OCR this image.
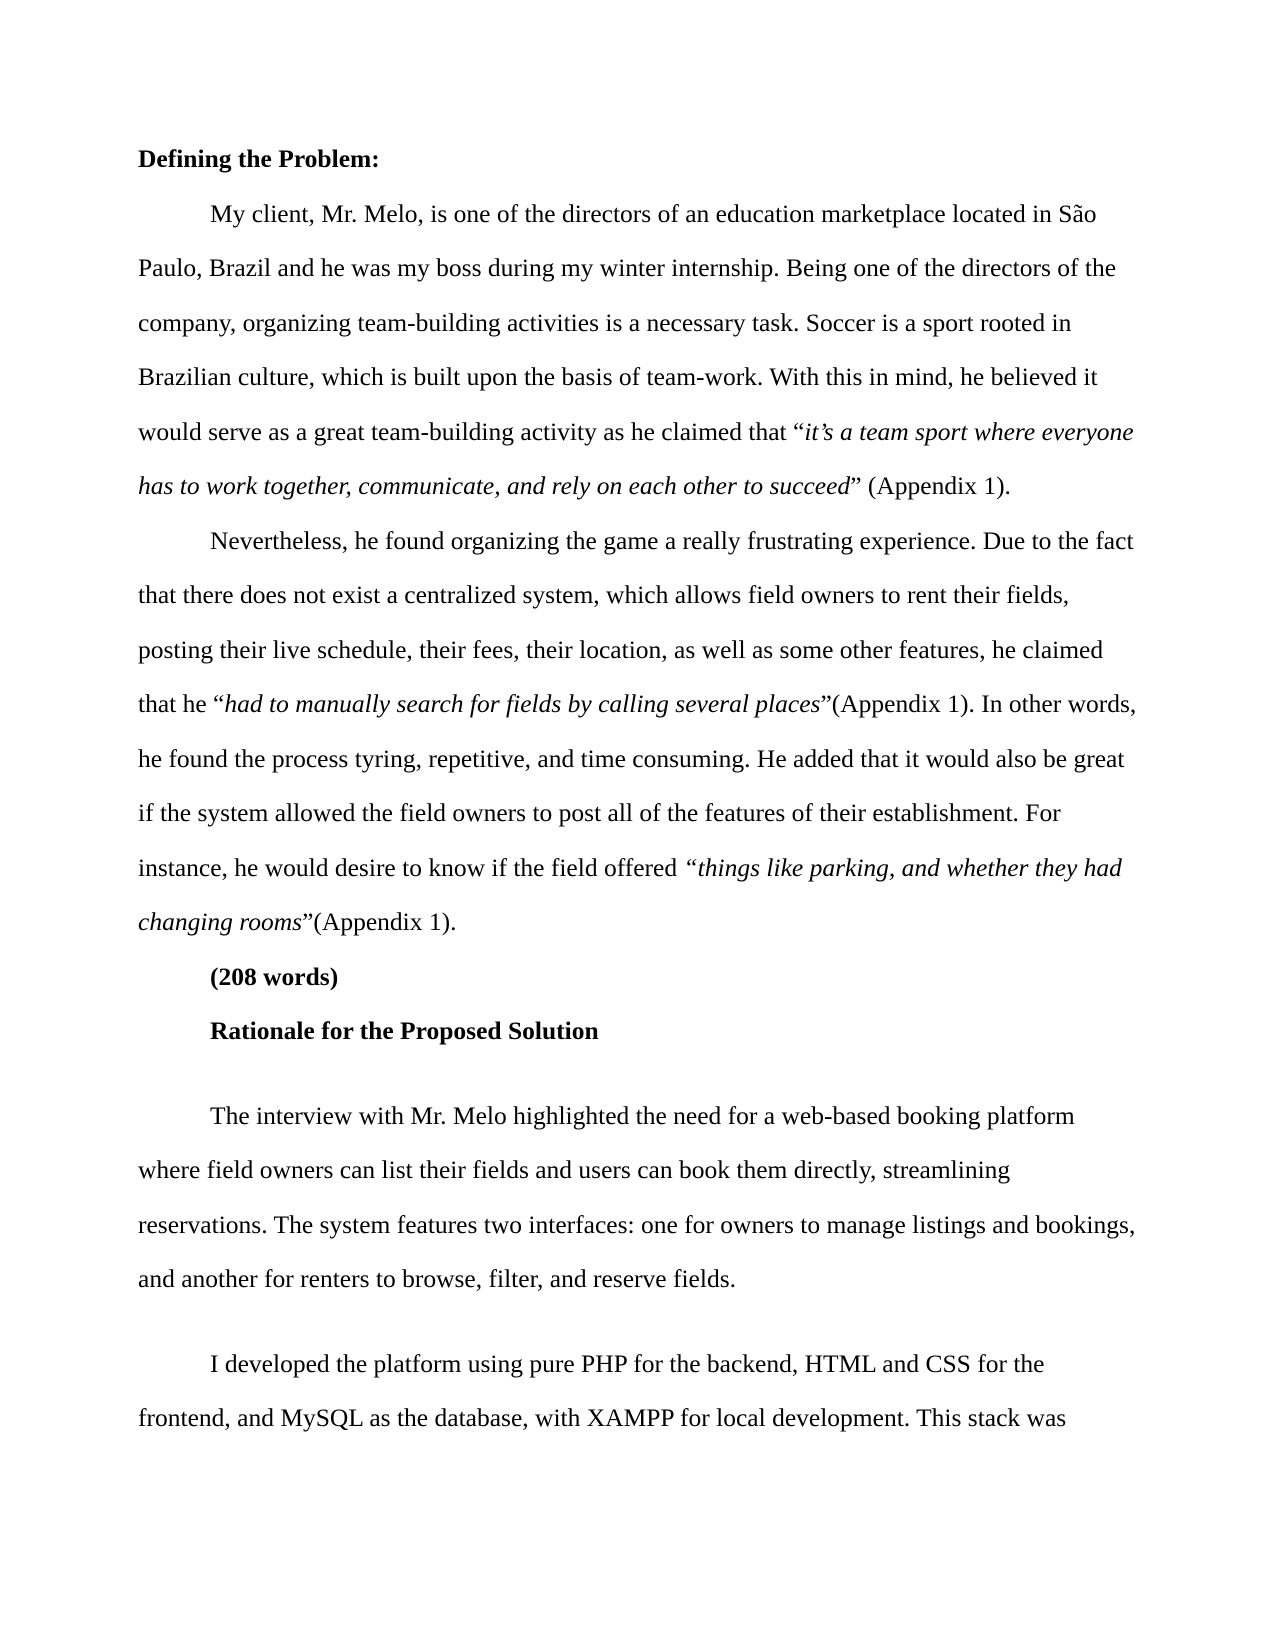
Defining the Problem:

My client, Mr. Melo, is one of the directors of an education marketplace located in São Paulo, Brazil and he was my boss during my winter internship. Being one of the directors of the company, organizing team-building activities is a necessary task. Soccer is a sport rooted in Brazilian culture, which is built upon the basis of team-work. With this in mind, he believed it would serve as a great team-building activity as he claimed that “it’s a team sport where everyone has to work together, communicate, and rely on each other to succeed” (Appendix 1).

Nevertheless, he found organizing the game a really frustrating experience. Due to the fact that there does not exist a centralized system, which allows field owners to rent their fields, posting their live schedule, their fees, their location, as well as some other features, he claimed that he “had to manually search for fields by calling several places”(Appendix 1). In other words, he found the process tyring, repetitive, and time consuming. He added that it would also be great if the system allowed the field owners to post all of the features of their establishment. For instance, he would desire to know if the field offered “things like parking, and whether they had changing rooms”(Appendix 1).

(208 words)
Rationale for the Proposed Solution

The interview with Mr. Melo highlighted the need for a web-based booking platform where field owners can list their fields and users can book them directly, streamlining reservations. The system features two interfaces: one for owners to manage listings and bookings, and another for renters to browse, filter, and reserve fields.

I developed the platform using pure PHP for the backend, HTML and CSS for the frontend, and MySQL as the database, with XAMPP for local development. This stack was
